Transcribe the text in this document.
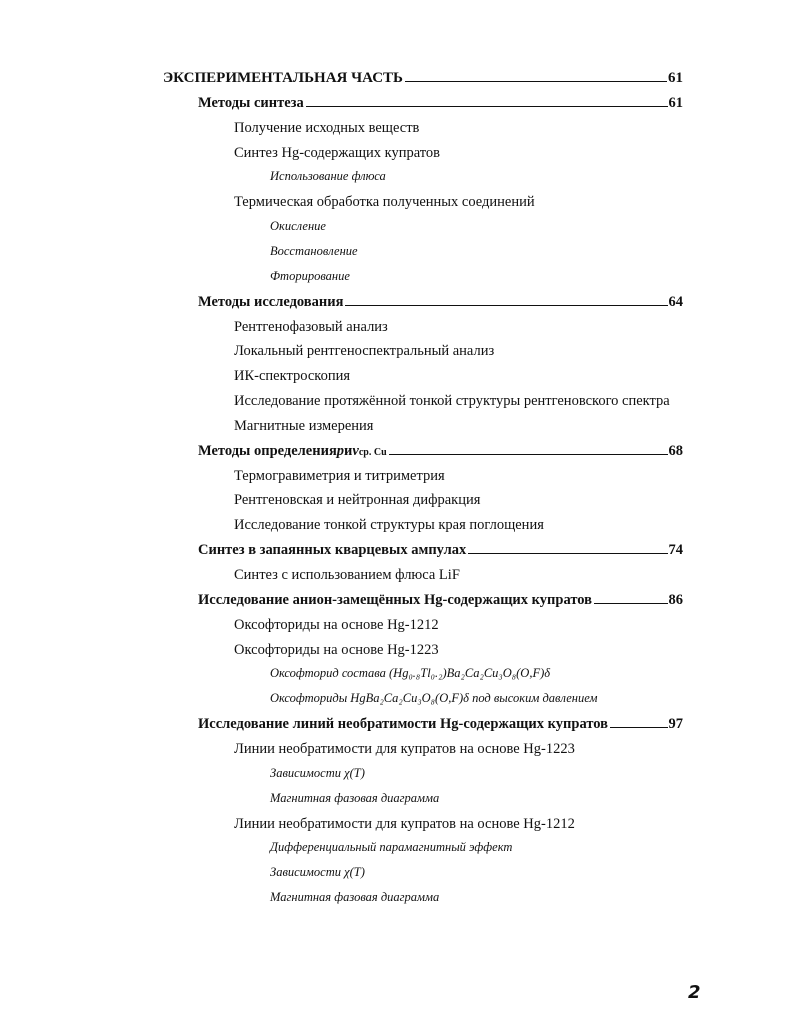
ЭКСПЕРИМЕНТАЛЬНАЯ ЧАСТЬ	61
Методы синтеза	61
Получение исходных веществ
Синтез Hg-содержащих купратов
Использование флюса
Термическая обработка полученных соединений
Окисление
Восстановление
Фторирование
Методы исследования	64
Рентгенофазовый анализ
Локальный рентгеноспектральный анализ
ИК-спектроскопия
Исследование протяжённой тонкой структуры рентгеновского спектра
Магнитные измерения
Методы определения p и v ср. Cu	68
Термогравиметрия и титриметрия
Рентгеновская и нейтронная дифракция
Исследование тонкой структуры края поглощения
Синтез в запаянных кварцевых ампулах	74
Синтез с использованием флюса LiF
Исследование анион-замещённых Hg-содержащих купратов	86
Оксофториды на основе Hg-1212
Оксофториды на основе Hg-1223
Оксофторид состава (Hg₀.₈Tl₀.₂)Ba₂Ca₂Cu₃O₈(O,F)δ
Оксофториды HgBa₂Ca₂Cu₃O₈(O,F)δ под высоким давлением
Исследование линий необратимости Hg-содержащих купратов	97
Линии необратимости для купратов на основе Hg-1223
Зависимости χ(T)
Магнитная фазовая диаграмма
Линии необратимости для купратов на основе Hg-1212
Дифференциальный парамагнитный эффект
Зависимости χ(T)
Магнитная фазовая диаграмма
2
